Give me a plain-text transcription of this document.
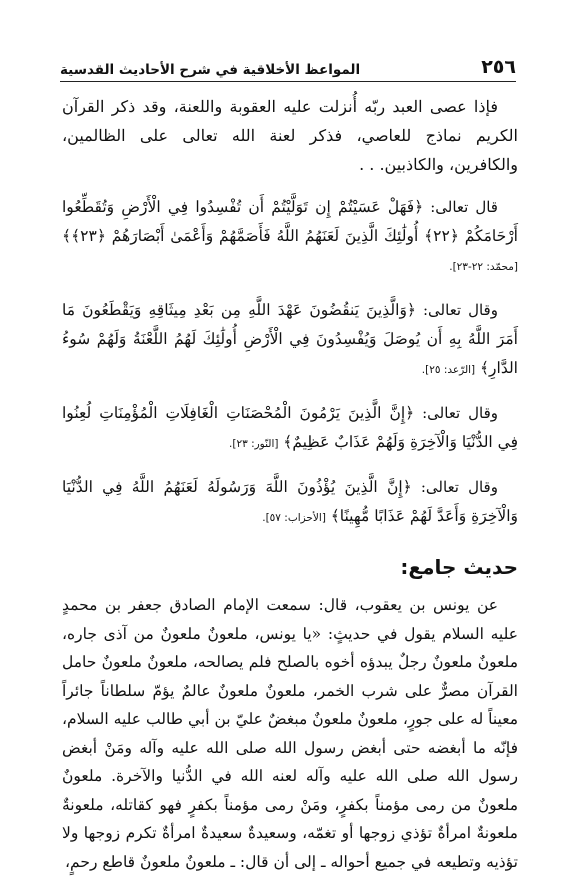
٢٥٦
المواعظ الأخلاقية في شرح الأحاديث القدسية

فإذا عصى العبد ربّه أُنزلت عليه العقوبة واللعنة، وقد ذكر القرآن الكريم نماذج للعاصي، فذكر لعنة الله تعالى على الظالمين، والكافرين، والكاذبين. . .

قال تعالى: ﴿فَهَلْ عَسَيْتُمْ إِن تَوَلَّيْتُمْ أَن تُفْسِدُوا فِي الْأَرْضِ وَتُقَطِّعُوا أَرْحَامَكُمْ ﴿٢٢﴾ أُولَٰئِكَ الَّذِينَ لَعَنَهُمُ اللَّهُ فَأَصَمَّهُمْ وَأَعْمَىٰ أَبْصَارَهُمْ ﴿٢٣﴾﴾ [محمّد: ٢٢-٢٣].

وقال تعالى: ﴿وَالَّذِينَ يَنقُضُونَ عَهْدَ اللَّهِ مِن بَعْدِ مِيثَاقِهِ وَيَقْطَعُونَ مَا أَمَرَ اللَّهُ بِهِ أَن يُوصَلَ وَيُفْسِدُونَ فِي الْأَرْضِ أُولَٰئِكَ لَهُمُ اللَّعْنَةُ وَلَهُمْ سُوءُ الدَّارِ﴾ [الرّعد: ٢٥].

وقال تعالى: ﴿إِنَّ الَّذِينَ يَرْمُونَ الْمُحْصَنَاتِ الْغَافِلَاتِ الْمُؤْمِنَاتِ لُعِنُوا فِي الدُّنْيَا وَالْآخِرَةِ وَلَهُمْ عَذَابٌ عَظِيمٌ﴾ [النّور: ٢٣].

وقال تعالى: ﴿إِنَّ الَّذِينَ يُؤْذُونَ اللَّهَ وَرَسُولَهُ لَعَنَهُمُ اللَّهُ فِي الدُّنْيَا وَالْآخِرَةِ وَأَعَدَّ لَهُمْ عَذَابًا مُّهِينًا﴾ [الأحزاب: ٥٧].

حديث جامع:

عن يونس بن يعقوب، قال: سمعت الإمام الصادق جعفر بن محمدٍ عليه السلام يقول في حديثٍ: «يا يونس، ملعونٌ ملعونٌ من آذى جاره، ملعونٌ ملعونٌ رجلٌ يبدؤه أخوه بالصلح فلم يصالحه، ملعونٌ ملعونٌ حامل القرآن مصرٌّ على شرب الخمر، ملعونٌ ملعونٌ عالمٌ يؤمّ سلطاناً جائراً معيناً له على جورٍ، ملعونٌ ملعونٌ مبغضٌ عليّ بن أبي طالب عليه السلام، فإنّه ما أبغضه حتى أبغض رسول الله صلى الله عليه وآله ومَنْ أبغض رسول الله صلى الله عليه وآله لعنه الله في الدُّنيا والآخرة. ملعونٌ ملعونٌ من رمى مؤمناً بكفرٍ، ومَنْ رمى مؤمناً بكفرٍ فهو كقاتله، ملعونةٌ ملعونةٌ امرأةٌ تؤذي زوجها أو تغمّه، وسعيدةٌ سعيدةٌ امرأةٌ تكرم زوجها ولا تؤذيه وتطيعه في جميع أحواله ـ إلى أن قال: ـ ملعونٌ ملعونٌ قاطع رحمٍ،
